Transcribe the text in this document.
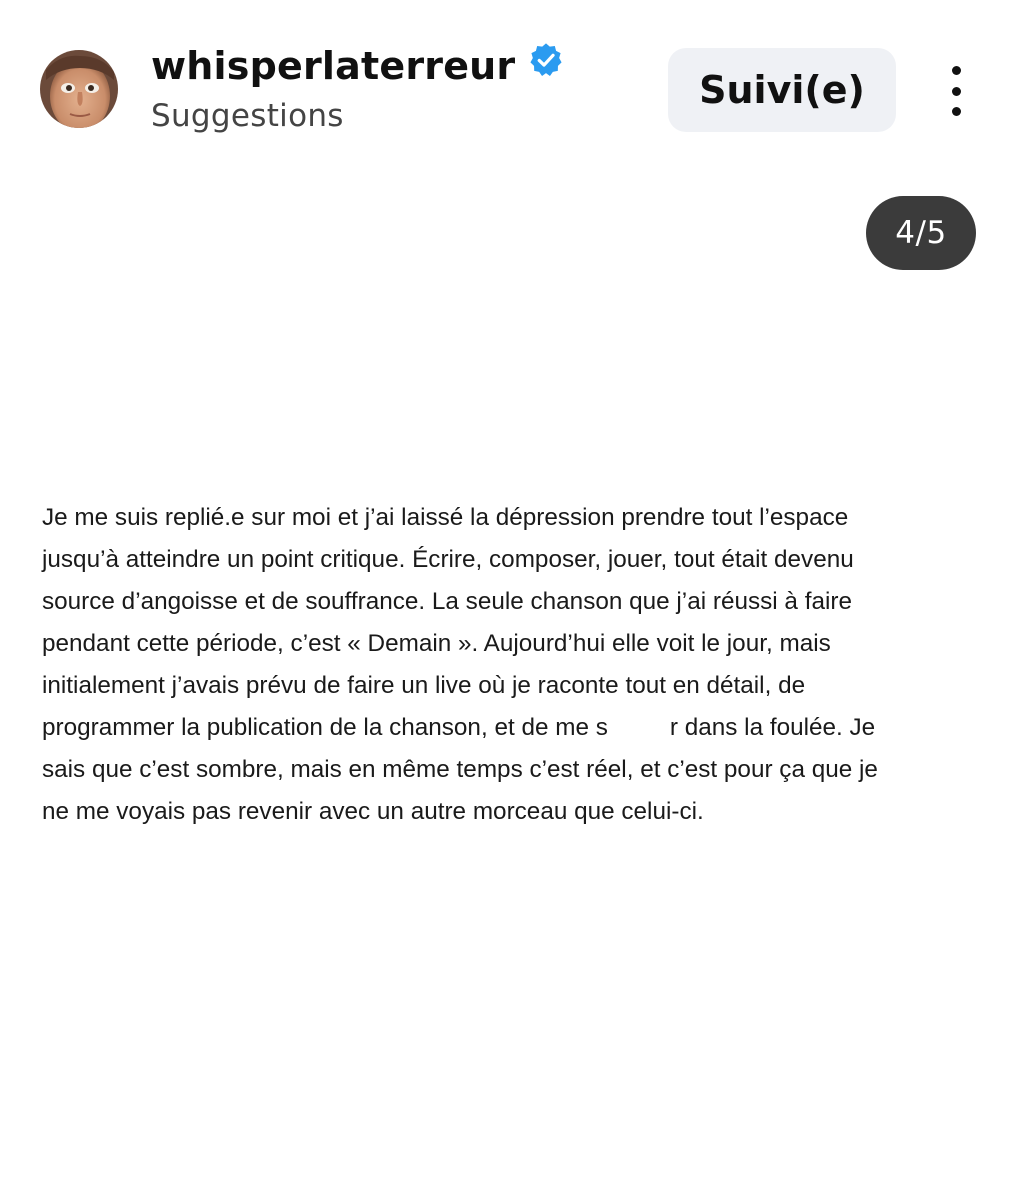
whisperlaterreur
Suggestions
Suivi(e)
4/5
Je me suis replié.e sur moi et j’ai laissé la dépression prendre tout l’espace
jusqu’à atteindre un point critique. Écrire, composer, jouer, tout était devenu
source d’angoisse et de souffrance. La seule chanson que j’ai réussi à faire
pendant cette période, c’est « Demain ». Aujourd’hui elle voit le jour, mais
initialement j’avais prévu de faire un live où je raconte tout en détail, de
programmer la publication de la chanson, et de me s	r dans la foulée. Je
sais que c’est sombre, mais en même temps c’est réel, et c’est pour ça que je
ne me voyais pas revenir avec un autre morceau que celui-ci.
